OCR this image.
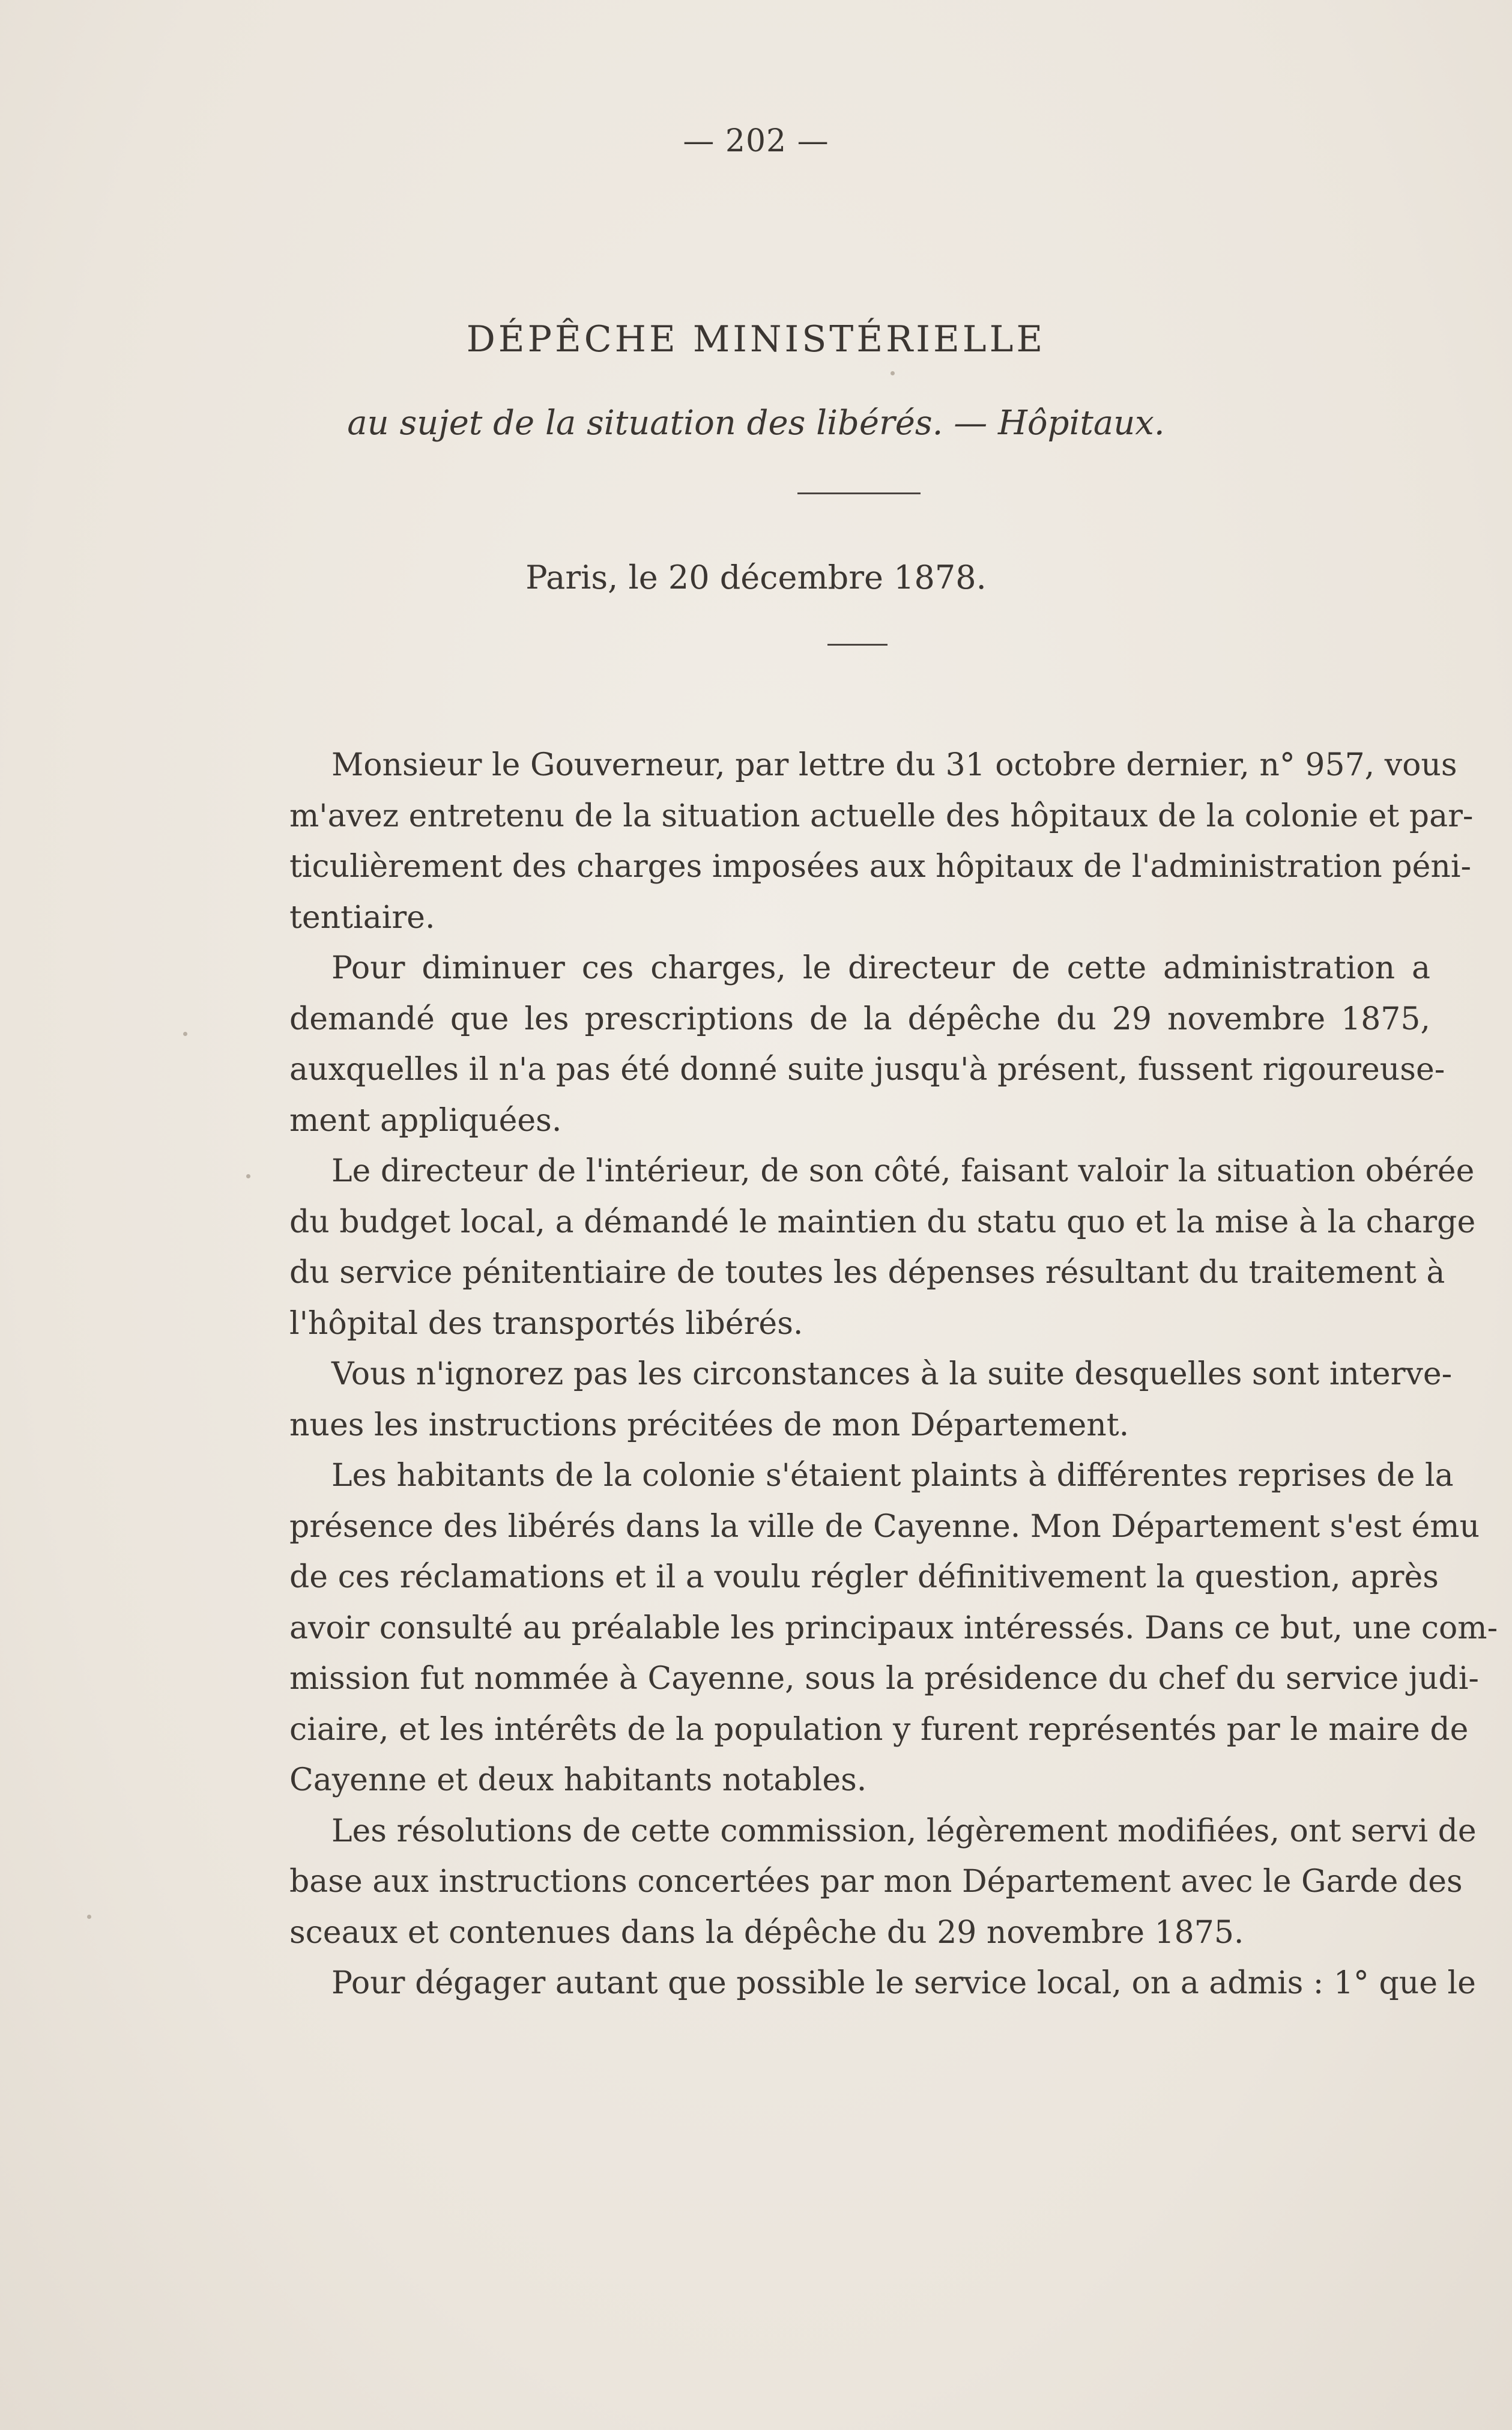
— 202 —
DÉPÊCHE MINISTÉRIELLE
au sujet de la situation des libérés. — Hôpitaux.
Paris, le 20 décembre 1878.

Monsieur le Gouverneur, par lettre du 31 octobre dernier, n° 957, vous
m'avez entretenu de la situation actuelle des hôpitaux de la colonie et par-
ticulièrement des charges imposées aux hôpitaux de l'administration péni-
tentiaire.

Pour diminuer ces charges, le directeur de cette administration a
demandé que les prescriptions de la dépêche du 29 novembre 1875,
auxquelles il n'a pas été donné suite jusqu'à présent, fussent rigoureuse-
ment appliquées.

Le directeur de l'intérieur, de son côté, faisant valoir la situation obérée
du budget local, a démandé le maintien du statu quo et la mise à la charge
du service pénitentiaire de toutes les dépenses résultant du traitement à
l'hôpital des transportés libérés.

Vous n'ignorez pas les circonstances à la suite desquelles sont interve-
nues les instructions précitées de mon Département.

Les habitants de la colonie s'étaient plaints à différentes reprises de la
présence des libérés dans la ville de Cayenne. Mon Département s'est ému
de ces réclamations et il a voulu régler définitivement la question, après
avoir consulté au préalable les principaux intéressés. Dans ce but, une com-
mission fut nommée à Cayenne, sous la présidence du chef du service judi-
ciaire, et les intérêts de la population y furent représentés par le maire de
Cayenne et deux habitants notables.

Les résolutions de cette commission, légèrement modifiées, ont servi de
base aux instructions concertées par mon Département avec le Garde des
sceaux et contenues dans la dépêche du 29 novembre 1875.

Pour dégager autant que possible le service local, on a admis : 1° que le
